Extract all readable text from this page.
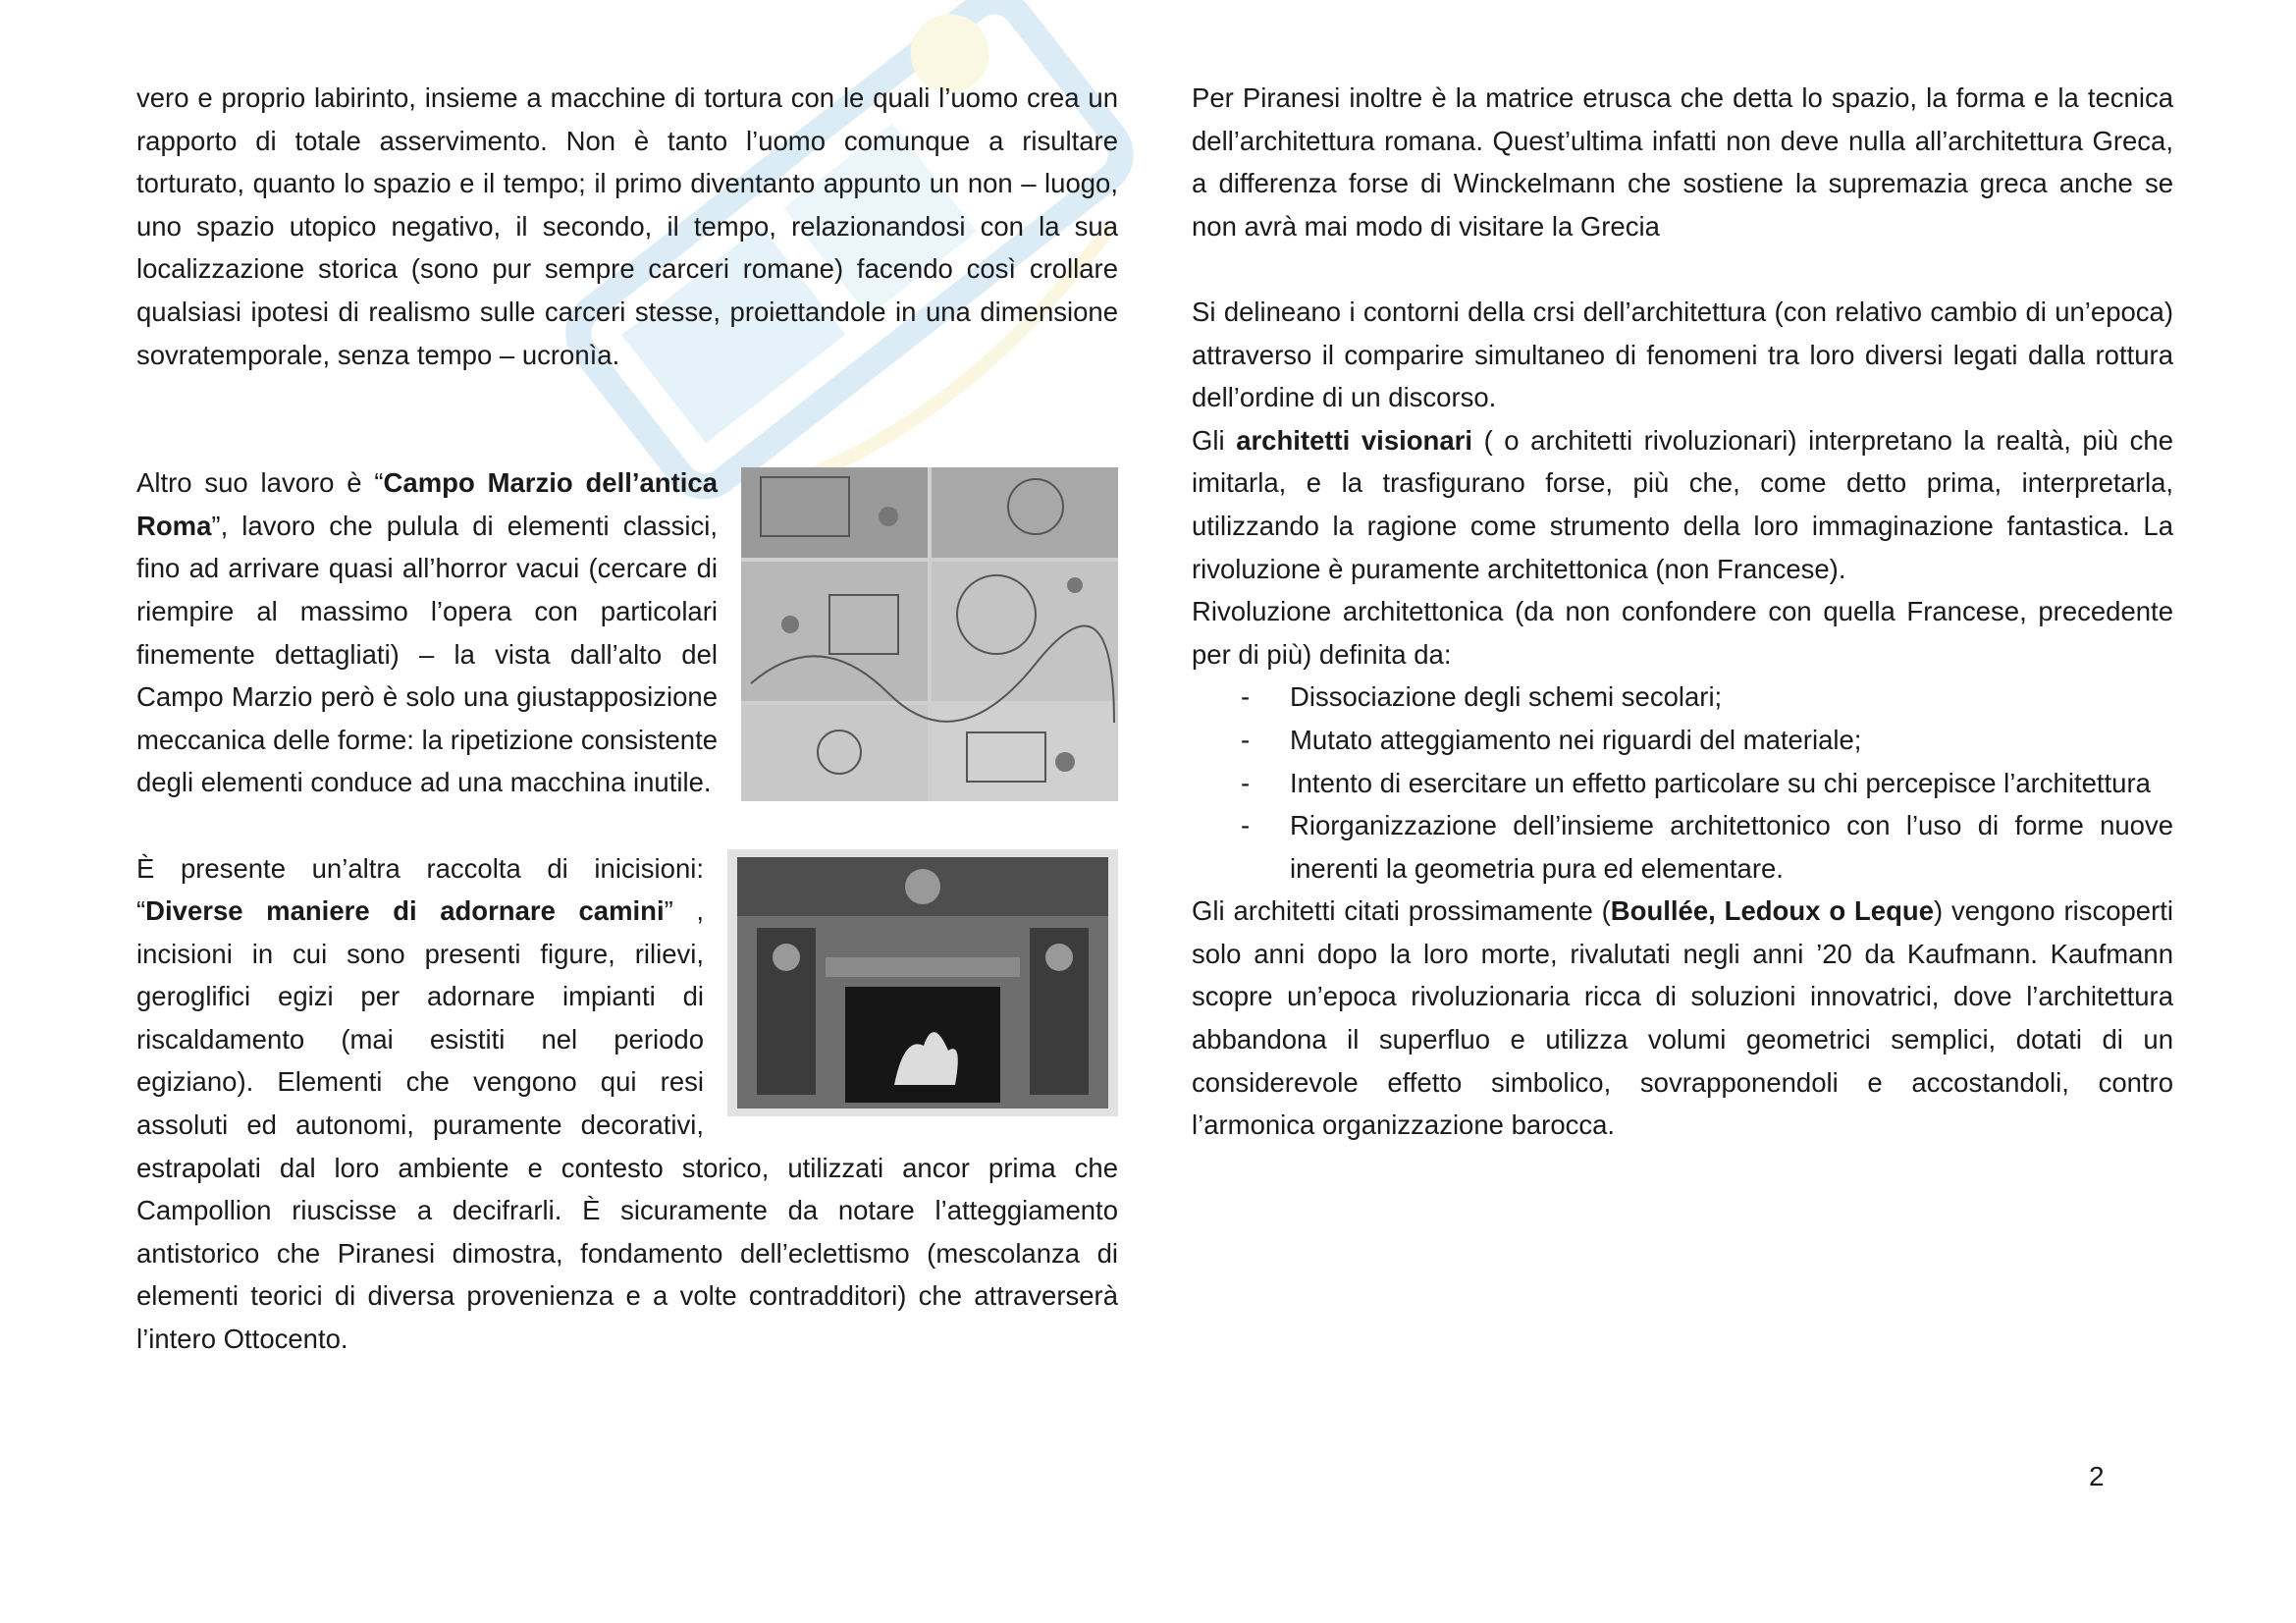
vero e proprio labirinto, insieme a macchine di tortura con le quali l’uomo crea un rapporto di totale asservimento. Non è tanto l’uomo comunque a risultare torturato, quanto lo spazio e il tempo; il primo diventanto appunto un non – luogo, uno spazio utopico negativo, il secondo, il tempo, relazionandosi con la sua localizzazione storica (sono pur sempre carceri romane) facendo così crollare qualsiasi ipotesi di realismo sulle carceri stesse, proiettandole in una dimensione sovratemporale, senza tempo – ucronìa.

Altro suo lavoro è “Campo Marzio dell’antica Roma”, lavoro che pulula di elementi classici, fino ad arrivare quasi all’horror vacui (cercare di riempire al massimo l’opera con particolari finemente dettagliati) – la vista dall’alto del Campo Marzio però è solo una giustapposizione meccanica delle forme: la ripetizione consistente degli elementi conduce ad una macchina inutile.

È presente un’altra raccolta di inicisioni: “Diverse maniere di adornare camini” , incisioni in cui sono presenti figure, rilievi, geroglifici egizi per adornare impianti di riscaldamento (mai esistiti nel periodo egiziano). Elementi che vengono qui resi assoluti ed autonomi, puramente decorativi, estrapolati dal loro ambiente e contesto storico, utilizzati ancor prima che Campollion riuscisse a decifrarli. È sicuramente da notare l’atteggiamento antistorico che Piranesi dimostra, fondamento dell’eclettismo (mescolanza di elementi teorici di diversa provenienza e a volte contradditori) che attraverserà l’intero Ottocento.

Per Piranesi inoltre è la matrice etrusca che detta lo spazio, la forma e la tecnica dell’architettura romana. Quest’ultima infatti non deve nulla all’architettura Greca, a differenza forse di Winckelmann che sostiene la supremazia greca anche se non avrà mai modo di visitare la Grecia

Si delineano i contorni della crsi dell’architettura (con relativo cambio di un’epoca) attraverso il comparire simultaneo di fenomeni tra loro diversi legati dalla rottura dell’ordine di un discorso.

Gli architetti visionari ( o architetti rivoluzionari) interpretano la realtà, più che imitarla, e la trasfigurano forse, più che, come detto prima, interpretarla, utilizzando la ragione come strumento della loro immaginazione fantastica. La rivoluzione è puramente architettonica (non Francese).

Rivoluzione architettonica (da non confondere con quella Francese, precedente per di più) definita da:

- Dissociazione degli schemi secolari;
- Mutato atteggiamento nei riguardi del materiale;
- Intento di esercitare un effetto particolare su chi percepisce l’architettura
- Riorganizzazione dell’insieme architettonico con l’uso di forme nuove inerenti la geometria pura ed elementare.

Gli architetti citati prossimamente (Boullée, Ledoux o Leque) vengono riscoperti solo anni dopo la loro morte, rivalutati negli anni ’20 da Kaufmann. Kaufmann scopre un’epoca rivoluzionaria ricca di soluzioni innovatrici, dove l’architettura abbandona il superfluo e utilizza volumi geometrici semplici, dotati di un considerevole effetto simbolico, sovrapponendoli e accostandoli, contro l’armonica organizzazione barocca.

2
